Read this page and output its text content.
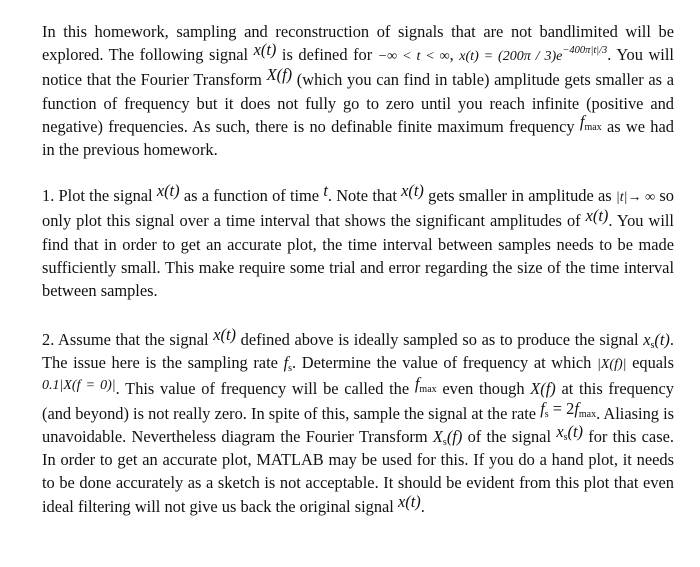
In this homework, sampling and reconstruction of signals that are not bandlimited will be explored. The following signal x(t) is defined for −∞ < t < ∞, $x(t) = (200\pi / 3)e^{-400\pi|t|/3}$. You will notice that the Fourier Transform X(f) (which you can find in table) amplitude gets smaller as a function of frequency but it does not fully go to zero until you reach infinite (positive and negative) frequencies. As such, there is no definable finite maximum frequency $f_{max}$ as we had in the previous homework.

1. Plot the signal x(t) as a function of time t. Note that x(t) gets smaller in amplitude as |t|→ ∞ so only plot this signal over a time interval that shows the significant amplitudes of x(t). You will find that in order to get an accurate plot, the time interval between samples needs to be made sufficiently small. This make require some trial and error regarding the size of the time interval between samples.

2. Assume that the signal x(t) defined above is ideally sampled so as to produce the signal $x_s(t)$. The issue here is the sampling rate $f_s$. Determine the value of frequency at which |X(f)| equals 0.1|X(f = 0)|. This value of frequency will be called the $f_{max}$ even though X(f) at this frequency (and beyond) is not really zero. In spite of this, sample the signal at the rate $f_s = 2f_{max}$. Aliasing is unavoidable. Nevertheless diagram the Fourier Transform $X_s(f)$ of the signal $x_s(t)$ for this case. In order to get an accurate plot, MATLAB may be used for this. If you do a hand plot, it needs to be done accurately as a sketch is not acceptable. It should be evident from this plot that even ideal filtering will not give us back the original signal x(t).
